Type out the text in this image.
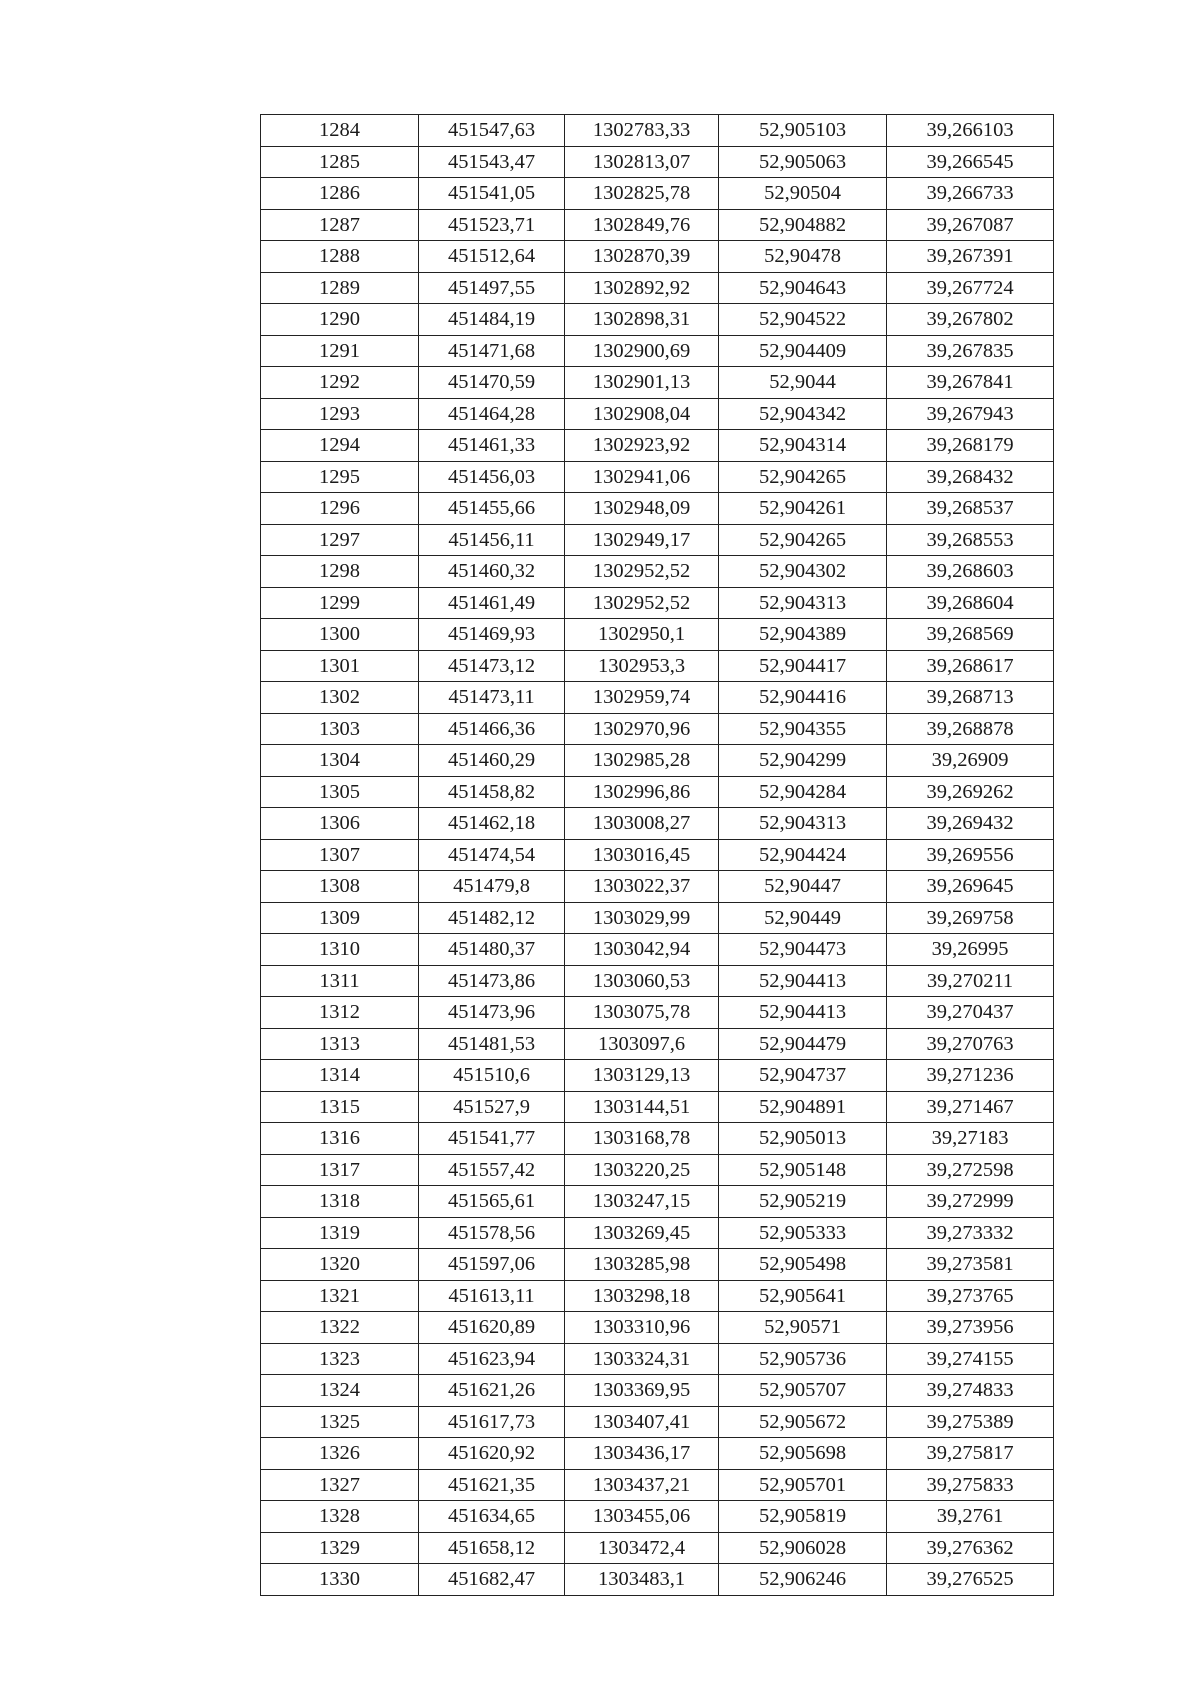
1284	451547,63	1302783,33	52,905103	39,266103
1285	451543,47	1302813,07	52,905063	39,266545
1286	451541,05	1302825,78	52,90504	39,266733
1287	451523,71	1302849,76	52,904882	39,267087
1288	451512,64	1302870,39	52,90478	39,267391
1289	451497,55	1302892,92	52,904643	39,267724
1290	451484,19	1302898,31	52,904522	39,267802
1291	451471,68	1302900,69	52,904409	39,267835
1292	451470,59	1302901,13	52,9044	39,267841
1293	451464,28	1302908,04	52,904342	39,267943
1294	451461,33	1302923,92	52,904314	39,268179
1295	451456,03	1302941,06	52,904265	39,268432
1296	451455,66	1302948,09	52,904261	39,268537
1297	451456,11	1302949,17	52,904265	39,268553
1298	451460,32	1302952,52	52,904302	39,268603
1299	451461,49	1302952,52	52,904313	39,268604
1300	451469,93	1302950,1	52,904389	39,268569
1301	451473,12	1302953,3	52,904417	39,268617
1302	451473,11	1302959,74	52,904416	39,268713
1303	451466,36	1302970,96	52,904355	39,268878
1304	451460,29	1302985,28	52,904299	39,26909
1305	451458,82	1302996,86	52,904284	39,269262
1306	451462,18	1303008,27	52,904313	39,269432
1307	451474,54	1303016,45	52,904424	39,269556
1308	451479,8	1303022,37	52,90447	39,269645
1309	451482,12	1303029,99	52,90449	39,269758
1310	451480,37	1303042,94	52,904473	39,26995
1311	451473,86	1303060,53	52,904413	39,270211
1312	451473,96	1303075,78	52,904413	39,270437
1313	451481,53	1303097,6	52,904479	39,270763
1314	451510,6	1303129,13	52,904737	39,271236
1315	451527,9	1303144,51	52,904891	39,271467
1316	451541,77	1303168,78	52,905013	39,27183
1317	451557,42	1303220,25	52,905148	39,272598
1318	451565,61	1303247,15	52,905219	39,272999
1319	451578,56	1303269,45	52,905333	39,273332
1320	451597,06	1303285,98	52,905498	39,273581
1321	451613,11	1303298,18	52,905641	39,273765
1322	451620,89	1303310,96	52,90571	39,273956
1323	451623,94	1303324,31	52,905736	39,274155
1324	451621,26	1303369,95	52,905707	39,274833
1325	451617,73	1303407,41	52,905672	39,275389
1326	451620,92	1303436,17	52,905698	39,275817
1327	451621,35	1303437,21	52,905701	39,275833
1328	451634,65	1303455,06	52,905819	39,2761
1329	451658,12	1303472,4	52,906028	39,276362
1330	451682,47	1303483,1	52,906246	39,276525
